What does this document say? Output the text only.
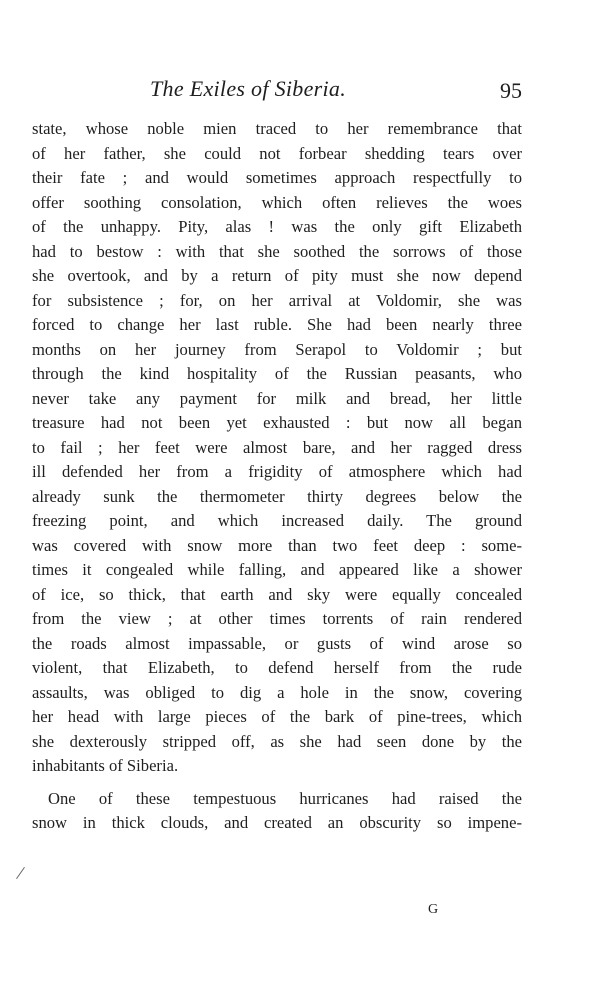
The Exiles of Siberia.	95
state, whose noble mien traced to her remembrance that
of her father, she could not forbear shedding tears over
their fate ; and would sometimes approach respectfully to
offer soothing consolation, which often relieves the woes
of the unhappy. Pity, alas ! was the only gift Elizabeth
had to bestow : with that she soothed the sorrows of those
she overtook, and by a return of pity must she now depend
for subsistence ; for, on her arrival at Voldomir, she was
forced to change her last ruble. She had been nearly three
months on her journey from Serapol to Voldomir ; but
through the kind hospitality of the Russian peasants, who
never take any payment for milk and bread, her little
treasure had not been yet exhausted : but now all began
to fail ; her feet were almost bare, and her ragged dress
ill defended her from a frigidity of atmosphere which had
already sunk the thermometer thirty degrees below the
freezing point, and which increased daily. The ground
was covered with snow more than two feet deep : some-
times it congealed while falling, and appeared like a shower
of ice, so thick, that earth and sky were equally concealed
from the view ; at other times torrents of rain rendered
the roads almost impassable, or gusts of wind arose so
violent, that Elizabeth, to defend herself from the rude
assaults, was obliged to dig a hole in the snow, covering
her head with large pieces of the bark of pine-trees, which
she dexterously stripped off, as she had seen done by the
inhabitants of Siberia.
One of these tempestuous hurricanes had raised the
snow in thick clouds, and created an obscurity so impene-
G
